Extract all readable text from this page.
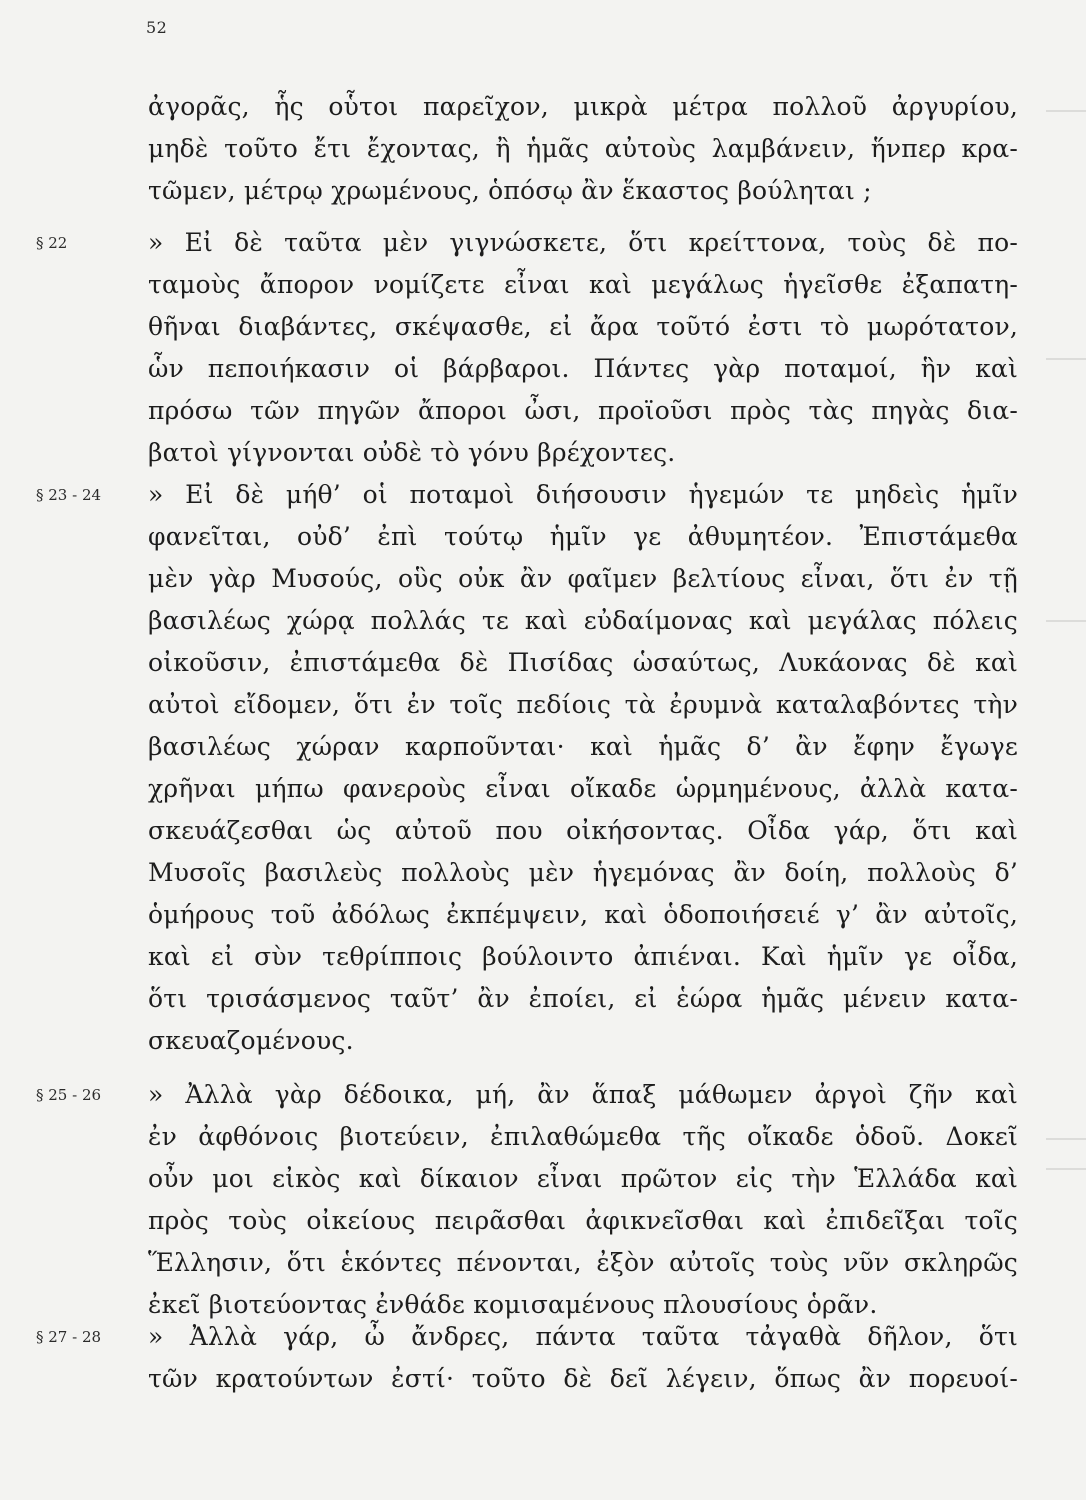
52
§ 22
§ 23 - 24
§ 25 - 26
§ 27 - 28
ἀγορᾶς, ἧς οὗτοι παρεῖχον, μικρὰ μέτρα πολλοῦ ἀργυρίου,
μηδὲ τοῦτο ἔτι ἔχοντας, ἢ ἡμᾶς αὐτοὺς λαμβάνειν, ἥνπερ κρα-
τῶμεν, μέτρῳ χρωμένους, ὁπόσῳ ἂν ἕκαστος βούληται ;
» Εἰ δὲ ταῦτα μὲν γιγνώσκετε, ὅτι κρείττονα, τοὺς δὲ πο-
ταμοὺς ἄπορον νομίζετε εἶναι καὶ μεγάλως ἡγεῖσθε ἐξαπατη-
θῆναι διαβάντες, σκέψασθε, εἰ ἄρα τοῦτό ἐστι τὸ μωρότατον,
ὧν πεποιήκασιν οἱ βάρβαροι. Πάντες γὰρ ποταμοί, ἣν καὶ
πρόσω τῶν πηγῶν ἄποροι ὦσι, προϊοῦσι πρὸς τὰς πηγὰς δια-
βατοὶ γίγνονται οὐδὲ τὸ γόνυ βρέχοντες.
» Εἰ δὲ μήθ’ οἱ ποταμοὶ διήσουσιν ἡγεμών τε μηδεὶς ἡμῖν
φανεῖται, οὐδ’ ἐπὶ τούτῳ ἡμῖν γε ἀθυμητέον. Ἐπιστάμεθα
μὲν γὰρ Μυσούς, οὓς οὐκ ἂν φαῖμεν βελτίους εἶναι, ὅτι ἐν τῇ
βασιλέως χώρᾳ πολλάς τε καὶ εὐδαίμονας καὶ μεγάλας πόλεις
οἰκοῦσιν, ἐπιστάμεθα δὲ Πισίδας ὡσαύτως, Λυκάονας δὲ καὶ
αὐτοὶ εἴδομεν, ὅτι ἐν τοῖς πεδίοις τὰ ἐρυμνὰ καταλαβόντες τὴν
βασιλέως χώραν καρποῦνται· καὶ ἡμᾶς δ’ ἂν ἔφην ἔγωγε
χρῆναι μήπω φανεροὺς εἶναι οἴκαδε ὡρμημένους, ἀλλὰ κατα-
σκευάζεσθαι ὡς αὐτοῦ που οἰκήσοντας. Οἶδα γάρ, ὅτι καὶ
Μυσοῖς βασιλεὺς πολλοὺς μὲν ἡγεμόνας ἂν δοίη, πολλοὺς δ’
ὁμήρους τοῦ ἀδόλως ἐκπέμψειν, καὶ ὁδοποιήσειέ γ’ ἂν αὐτοῖς,
καὶ εἰ σὺν τεθρίπποις βούλοιντο ἀπιέναι. Καὶ ἡμῖν γε οἶδα,
ὅτι τρισάσμενος ταῦτ’ ἂν ἐποίει, εἰ ἑώρα ἡμᾶς μένειν κατα-
σκευαζομένους.
» Ἀλλὰ γὰρ δέδοικα, μή, ἂν ἅπαξ μάθωμεν ἀργοὶ ζῆν καὶ
ἐν ἀφθόνοις βιοτεύειν, ἐπιλαθώμεθα τῆς οἴκαδε ὁδοῦ. Δοκεῖ
οὖν μοι εἰκὸς καὶ δίκαιον εἶναι πρῶτον εἰς τὴν Ἑλλάδα καὶ
πρὸς τοὺς οἰκείους πειρᾶσθαι ἀφικνεῖσθαι καὶ ἐπιδεῖξαι τοῖς
Ἕλλησιν, ὅτι ἑκόντες πένονται, ἐξὸν αὐτοῖς τοὺς νῦν σκληρῶς
ἐκεῖ βιοτεύοντας ἐνθάδε κομισαμένους πλουσίους ὁρᾶν.
» Ἀλλὰ γάρ, ὦ ἄνδρες, πάντα ταῦτα τἀγαθὰ δῆλον, ὅτι
τῶν κρατούντων ἐστί· τοῦτο δὲ δεῖ λέγειν, ὅπως ἂν πορευοί-
